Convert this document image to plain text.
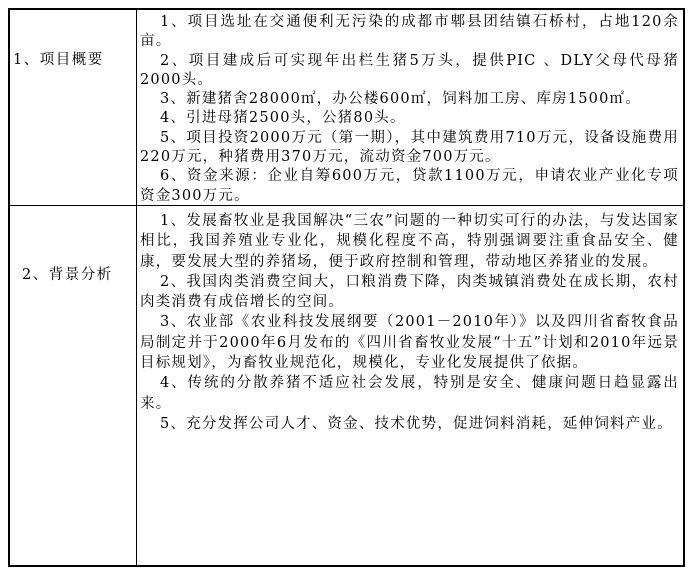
1、项目概要

1、项目选址在交通便利无污染的成都市郫县团结镇石桥村，占地120余亩。

2、项目建成后可实现年出栏生猪5万头，提供PIC 、DLY父母代母猪2000头。

3、新建猪舍28000㎡，办公楼600㎡，饲料加工房、库房1500㎡。

4、引进母猪2500头，公猪80头。

5、项目投资2000万元（第一期），其中建筑费用710万元，设备设施费用220万元，种猪费用370万元，流动资金700万元。

6、资金来源：企业自筹600万元，贷款1100万元，申请农业产业化专项资金300万元。

2、背景分析

1、发展畜牧业是我国解决“三农”问题的一种切实可行的办法，与发达国家相比，我国养殖业专业化，规模化程度不高，特别强调要注重食品安全、健康，要发展大型的养猪场，便于政府控制和管理，带动地区养猪业的发展。

2、我国肉类消费空间大，口粮消费下降，肉类城镇消费处在成长期，农村肉类消费有成倍增长的空间。

3、农业部《农业科技发展纲要（2001－2010年）》以及四川省畜牧食品局制定并于2000年6月发布的《四川省畜牧业发展“十五”计划和2010年远景目标规划》，为畜牧业规范化，规模化，专业化发展提供了依据。

4、传统的分散养猪不适应社会发展，特别是安全、健康问题日趋显露出来。

5、充分发挥公司人才、资金、技术优势，促进饲料消耗，延伸饲料产业。
